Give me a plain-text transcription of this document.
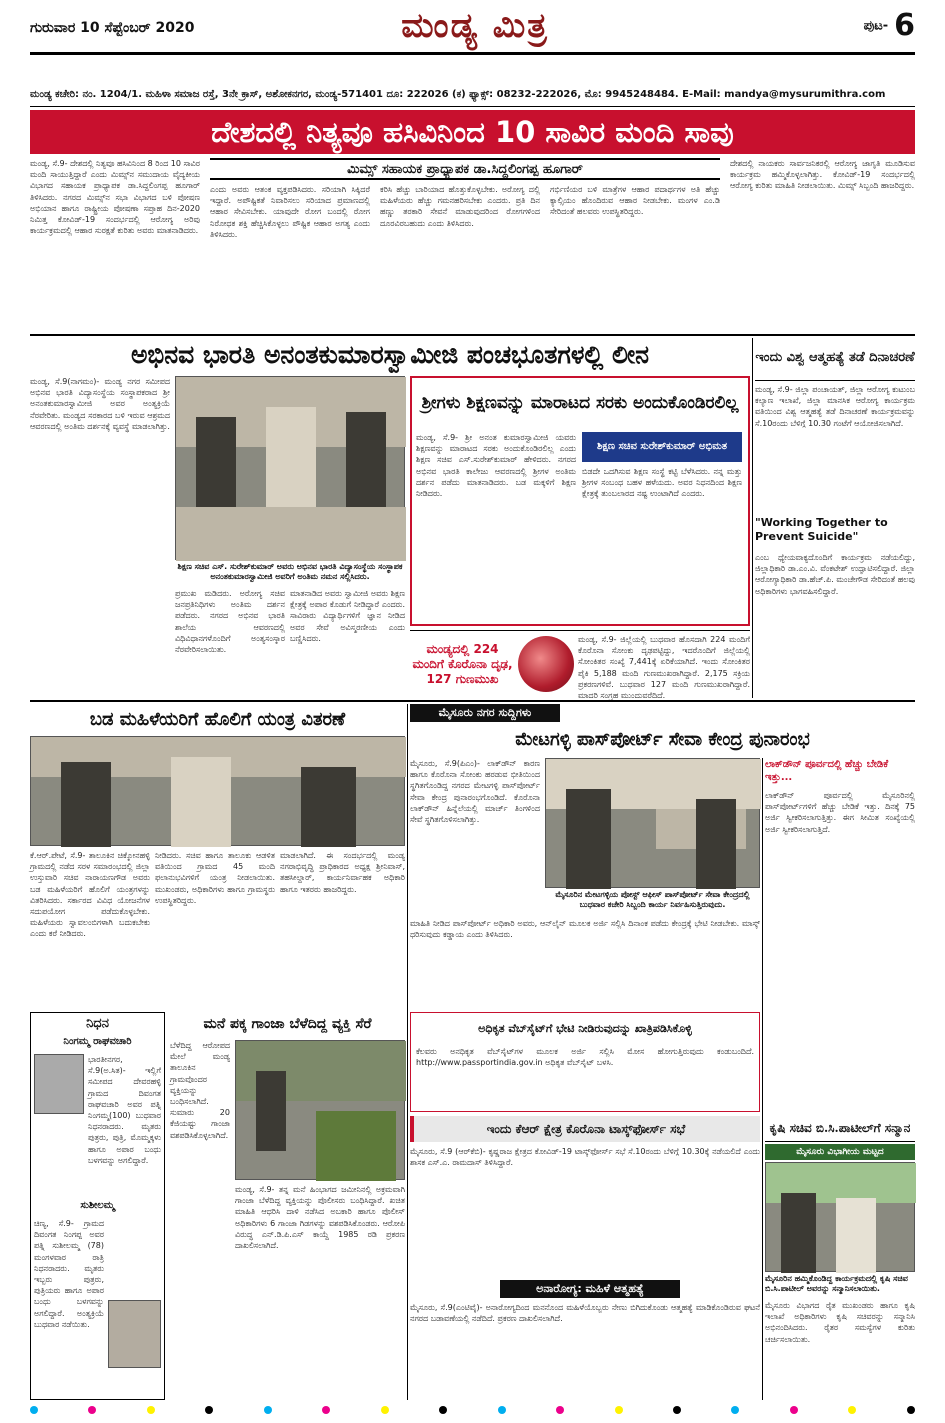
ಗುರುವಾರ 10 ಸೆಪ್ಟೆಂಬರ್ 2020	ಮಂಡ್ಯ ಮಿತ್ರ	ಪುಟ- 6
ಮಂಡ್ಯ ಕಚೇರಿ: ನಂ. 1204/1. ಮಹಿಳಾ ಸಮಾಜ ರಸ್ತೆ, 3ನೇ ಕ್ರಾಸ್, ಅಶೋಕನಗರ, ಮಂಡ್ಯ-571401 ದೂ: 222026 (ಕ) ಫ್ಯಾಕ್ಸ್: 08232-222026, ಮೊ: 9945248484. E-Mail: mandya@mysurumithra.com
ದೇಶದಲ್ಲಿ ನಿತ್ಯವೂ ಹಸಿವಿನಿಂದ 10 ಸಾವಿರ ಮಂದಿ ಸಾವು
ಮಂಡ್ಯ, ಸೆ.9- ದೇಶದಲ್ಲಿ ನಿತ್ಯವೂ ಹಸಿವಿನಿಂದ 8 ರಿಂದ 10 ಸಾವಿರ ಮಂದಿ ಸಾಯುತ್ತಿದ್ದಾರೆ ಎಂದು ಮಿಮ್ಸ್‌ನ ಸಮುದಾಯ ವೈದ್ಯಕೀಯ ವಿಭಾಗದ ಸಹಾಯಕ ಪ್ರಾಧ್ಯಾಪಕ ಡಾ.ಸಿದ್ದಲಿಂಗಪ್ಪ ಹೂಗಾರ್ ತಿಳಿಸಿದರು. ನಗರದ ಮಿಮ್ಸ್‌ನ ಸಭಾ ವಿಭಾಗದ ಬಳಿ ಪೋಷಣ ಅಭಿಯಾನ ಹಾಗೂ ರಾಷ್ಟ್ರೀಯ ಪೋಷಣಾ ಸಪ್ತಾಹ ದಿನ-2020 ನಿಮಿತ್ತ ಕೋವಿಡ್-19 ಸಂದರ್ಭದಲ್ಲಿ ಆರೋಗ್ಯ ಅರಿವು ಕಾರ್ಯಕ್ರಮದಲ್ಲಿ ಆಹಾರ ಸುರಕ್ಷತೆ ಕುರಿತು ಅವರು ಮಾತನಾಡಿದರು.
ಮಿಮ್ಸ್ ಸಹಾಯಕ ಪ್ರಾಧ್ಯಾಪಕ ಡಾ.ಸಿದ್ದಲಿಂಗಪ್ಪ ಹೂಗಾರ್
ಎಂದು ಅವರು ಆತಂಕ ವ್ಯಕ್ತಪಡಿಸಿದರು. ಸರಿಯಾಗಿ ಸಿಕ್ಕಿದರೆ ಇದ್ದಾರೆ. ಅಪೌಷ್ಟಿಕತೆ ನಿವಾರಿಸಲು ಸರಿಯಾದ ಪ್ರಮಾಣದಲ್ಲಿ ಆಹಾರ ಸೇವಿಸಬೇಕು. ಯಾವುದೇ ರೋಗ ಬಂದಲ್ಲಿ ರೋಗ ನಿರೋಧಕ ಶಕ್ತಿ ಹೆಚ್ಚಿಸಿಕೊಳ್ಳಲು ಪೌಷ್ಟಿಕ ಆಹಾರ ಅಗತ್ಯ ಎಂದು ತಿಳಿಸಿದರು.
ಕರಿಸಿ ಹೆಚ್ಚು ಬಾರಿಯಾದ ಹೊತ್ತುಕೊಳ್ಳಬೇಕು. ಅರೋಗ್ಯ ದಲ್ಲಿ ಮಹಿಳೆಯರು ಹೆಚ್ಚು ಗಮನಹರಿಸಬೇಕು ಎಂದರು. ಪ್ರತಿ ದಿನ ಹಣ್ಣು ತರಕಾರಿ ಸೇವನೆ ಮಾಡುವುದರಿಂದ ರೋಗಗಳಿಂದ ದೂರವಿರಬಹುದು ಎಂದು ತಿಳಿಸಿದರು.
ಗರ್ಭಿಣಿಯರ ಬಳಿ ಮಾತ್ರೆಗಳ ಆಹಾರ ಪದಾರ್ಥಗಳ ಅತಿ ಹೆಚ್ಚು ಕ್ಯಾಲ್ಸಿಯಂ ಹೊಂದಿರುವ ಆಹಾರ ನೀಡಬೇಕು. ಮಂಗಳ ಎಂ.ಡಿ ಸೇರಿದಂತೆ ಹಲವರು ಉಪಸ್ಥಿತರಿದ್ದರು.
ದೇಶದಲ್ಲಿ ನಾಯಕರು ಸಾರ್ವಜನಿಕರಲ್ಲಿ ಆರೋಗ್ಯ ಜಾಗೃತಿ ಮೂಡಿಸುವ ಕಾರ್ಯಕ್ರಮ ಹಮ್ಮಿಕೊಳ್ಳಲಾಗಿತ್ತು. ಕೋವಿಡ್-19 ಸಂದರ್ಭದಲ್ಲಿ ಆರೋಗ್ಯ ಕುರಿತು ಮಾಹಿತಿ ನೀಡಲಾಯಿತು. ಮಿಮ್ಸ್ ಸಿಬ್ಬಂದಿ ಹಾಜರಿದ್ದರು.
ಅಭಿನವ ಭಾರತಿ ಅನಂತಕುಮಾರಸ್ವಾಮೀಜಿ ಪಂಚಭೂತಗಳಲ್ಲಿ ಲೀನ	ಇಂದು ವಿಶ್ವ ಆತ್ಮಹತ್ಯೆ ತಡೆ ದಿನಾಚರಣೆ
ಮಂಡ್ಯ, ಸೆ.9- ಜಿಲ್ಲಾ ಪಂಚಾಯತ್, ಜಿಲ್ಲಾ ಆರೋಗ್ಯ ಕುಟುಂಬ ಕಲ್ಯಾಣ ಇಲಾಖೆ, ಜಿಲ್ಲಾ ಮಾನಸಿಕ ಆರೋಗ್ಯ ಕಾರ್ಯಕ್ರಮ ವತಿಯಿಂದ ವಿಶ್ವ ಆತ್ಮಹತ್ಯೆ ತಡೆ ದಿನಾಚರಣೆ ಕಾರ್ಯಕ್ರಮವನ್ನು ಸೆ.10ರಂದು ಬೆಳಿಗ್ಗೆ 10.30 ಗಂಟೆಗೆ ಆಯೋಜಿಸಲಾಗಿದೆ.
"Working Together to Prevent Suicide"
ಎಂಬ ಧ್ಯೇಯವಾಕ್ಯದೊಂದಿಗೆ ಕಾರ್ಯಕ್ರಮ ನಡೆಯಲಿದ್ದು, ಜಿಲ್ಲಾಧಿಕಾರಿ ಡಾ.ಎಂ.ವಿ. ವೆಂಕಟೇಶ್ ಉದ್ಘಾಟಿಸಲಿದ್ದಾರೆ. ಜಿಲ್ಲಾ ಆರೋಗ್ಯಾಧಿಕಾರಿ ಡಾ.ಹೆಚ್.ಪಿ. ಮಂಚೇಗೌಡ ಸೇರಿದಂತೆ ಹಲವು ಅಧಿಕಾರಿಗಳು ಭಾಗವಹಿಸಲಿದ್ದಾರೆ.
ಮಂಡ್ಯ, ಸೆ.9(ನಾಗಮಂ)- ಮಂಡ್ಯ ನಗರ ಸಮೀಪದ ಅಭಿನವ ಭಾರತಿ ವಿದ್ಯಾಸಂಸ್ಥೆಯ ಸಂಸ್ಥಾಪಕರಾದ ಶ್ರೀ ಅನಂತಕುಮಾರಸ್ವಾಮೀಜಿ ಅವರ ಅಂತ್ಯಕ್ರಿಯೆ ನೆರವೇರಿತು. ಮಂಡ್ಯದ ಸರಕಾರದ ಬಳಿ ಇರುವ ಆಶ್ರಮದ ಆವರಣದಲ್ಲಿ ಅಂತಿಮ ದರ್ಶನಕ್ಕೆ ವ್ಯವಸ್ಥೆ ಮಾಡಲಾಗಿತ್ತು.
ಶಿಕ್ಷಣ ಸಚಿವ ಎಸ್. ಸುರೇಶ್‌ಕುಮಾರ್ ಅವರು ಅಭಿನವ ಭಾರತಿ ವಿದ್ಯಾಸಂಸ್ಥೆಯ ಸಂಸ್ಥಾಪಕ ಅನಂತಕುಮಾರಸ್ವಾಮೀಜಿ ಅವರಿಗೆ ಅಂತಿಮ ನಮನ ಸಲ್ಲಿಸಿದರು.
ಪ್ರಮುಖ ಮಡಿದರು. ಅರೋಗ್ಯ ಸಚಿವ ಜನಪ್ರತಿನಿಧಿಗಳು ಅಂತಿಮ ದರ್ಶನ ಪಡೆದರು. ನಗರದ ಅಭಿನವ ಭಾರತಿ ಶಾಲೆಯ ಆವರಣದಲ್ಲಿ ವಿಧಿವಿಧಾನಗಳೊಂದಿಗೆ ಅಂತ್ಯಸಂಸ್ಕಾರ ನೆರವೇರಿಸಲಾಯಿತು.
ಮಾತನಾಡಿದ ಅವರು ಸ್ವಾಮೀಜಿ ಅವರು ಶಿಕ್ಷಣ ಕ್ಷೇತ್ರಕ್ಕೆ ಅಪಾರ ಕೊಡುಗೆ ನೀಡಿದ್ದಾರೆ ಎಂದರು. ಸಾವಿರಾರು ವಿದ್ಯಾರ್ಥಿಗಳಿಗೆ ಜ್ಞಾನ ನೀಡಿದ ಅವರ ಸೇವೆ ಅವಿಸ್ಮರಣೀಯ ಎಂದು ಬಣ್ಣಿಸಿದರು.
ಶ್ರೀಗಳು ಶಿಕ್ಷಣವನ್ನು ಮಾರಾಟದ ಸರಕು ಅಂದುಕೊಂಡಿರಲಿಲ್ಲ
ಮಂಡ್ಯ, ಸೆ.9- ಶ್ರೀ ಅನಂತ ಕುಮಾರಸ್ವಾಮೀಜಿ ಯವರು ಶಿಕ್ಷಣವನ್ನು ಮಾರಾಟದ ಸರಕು ಅಂದುಕೊಂಡಿರಲಿಲ್ಲ ಎಂದು ಶಿಕ್ಷಣ ಸಚಿವ ಎಸ್.ಸುರೇಶ್‌ಕುಮಾರ್ ಹೇಳಿದರು. ನಗರದ ಅಭಿನವ ಭಾರತಿ ಕಾಲೇಜು ಆವರಣದಲ್ಲಿ ಶ್ರೀಗಳ ಅಂತಿಮ ದರ್ಶನ ಪಡೆದು ಮಾತನಾಡಿದರು. ಬಡ ಮಕ್ಕಳಿಗೆ ಶಿಕ್ಷಣ ನೀಡಿದರು.
ಶಿಕ್ಷಣ ಸಚಿವ ಸುರೇಶ್‌ಕುಮಾರ್ ಅಭಿಮತ
ಬಿಡದೇ ಒದಗಿಸುವ ಶಿಕ್ಷಣ ಸಂಸ್ಥೆ ಕಟ್ಟಿ ಬೆಳೆಸಿದರು. ನನ್ನ ಮತ್ತು ಶ್ರೀಗಳ ಸಂಬಂಧ ಬಹಳ ಹಳೆಯದು. ಅವರ ನಿಧನದಿಂದ ಶಿಕ್ಷಣ ಕ್ಷೇತ್ರಕ್ಕೆ ತುಂಬಲಾರದ ನಷ್ಟ ಉಂಟಾಗಿದೆ ಎಂದರು.
ಮಂಡ್ಯದಲ್ಲಿ 224 ಮಂದಿಗೆ ಕೊರೊನಾ ದೃಢ, 127 ಗುಣಮುಖ
ಮಂಡ್ಯ, ಸೆ.9- ಜಿಲ್ಲೆಯಲ್ಲಿ ಬುಧವಾರ ಹೊಸದಾಗಿ 224 ಮಂದಿಗೆ ಕೊರೊನಾ ಸೋಂಕು ದೃಢಪಟ್ಟಿದ್ದು, ಇದರೊಂದಿಗೆ ಜಿಲ್ಲೆಯಲ್ಲಿ ಸೋಂಕಿತರ ಸಂಖ್ಯೆ 7,441ಕ್ಕೆ ಏರಿಕೆಯಾಗಿದೆ. ಇಂದು ಸೋಂಕಿತರ ಪೈಕಿ 5,188 ಮಂದಿ ಗುಣಮುಖರಾಗಿದ್ದಾರೆ. 2,175 ಸಕ್ರಿಯ ಪ್ರಕರಣಗಳಿವೆ. ಬುಧವಾರ 127 ಮಂದಿ ಗುಣಮುಖರಾಗಿದ್ದಾರೆ. ಮಾದರಿ ಸಂಗ್ರಹ ಮುಂದುವರೆದಿದೆ.
ಬಡ ಮಹಿಳೆಯರಿಗೆ ಹೊಲಿಗೆ ಯಂತ್ರ ವಿತರಣೆ
ಕೆ.ಆರ್.ಪೇಟೆ, ಸೆ.9- ತಾಲೂಕಿನ ಚಿಕ್ಕೋನಹಳ್ಳಿ ಗ್ರಾಮದಲ್ಲಿ ನಡೆದ ಸರಳ ಸಮಾರಂಭದಲ್ಲಿ ಜಿಲ್ಲಾ ಉಸ್ತುವಾರಿ ಸಚಿವ ನಾರಾಯಣಗೌಡ ಅವರು ಬಡ ಮಹಿಳೆಯರಿಗೆ ಹೊಲಿಗೆ ಯಂತ್ರಗಳನ್ನು ವಿತರಿಸಿದರು. ಸರ್ಕಾರದ ವಿವಿಧ ಯೋಜನೆಗಳ ಸದುಪಯೋಗ ಪಡೆದುಕೊಳ್ಳಬೇಕು. ಮಹಿಳೆಯರು ಸ್ವಾವಲಂಬಿಗಳಾಗಿ ಬದುಕಬೇಕು ಎಂದು ಕರೆ ನೀಡಿದರು.
ನೀಡಿದರು. ಸಚಿವ ಹಾಗೂ ತಾಲೂಕು ಆಡಳಿತ ವತಿಯಿಂದ ಗ್ರಾಮದ 45 ಮಂದಿ ಫಲಾನುಭವಿಗಳಿಗೆ ಯಂತ್ರ ನೀಡಲಾಯಿತು. ಮುಖಂಡರು, ಅಧಿಕಾರಿಗಳು ಹಾಗೂ ಗ್ರಾಮಸ್ಥರು ಉಪಸ್ಥಿತರಿದ್ದರು.
ಮಾಡಲಾಗಿದೆ. ಈ ಸಂದರ್ಭದಲ್ಲಿ ಮಂಡ್ಯ ನಗರಾಭಿವೃದ್ಧಿ ಪ್ರಾಧಿಕಾರದ ಅಧ್ಯಕ್ಷ ಶ್ರೀನಿವಾಸ್, ತಹಸೀಲ್ದಾರ್, ಕಾರ್ಯನಿರ್ವಾಹಕ ಅಧಿಕಾರಿ ಹಾಗೂ ಇತರರು ಹಾಜರಿದ್ದರು.
ಮೈಸೂರು ನಗರ ಸುದ್ದಿಗಳು
ಮೇಟಗಳ್ಳಿ ಪಾಸ್‌ಪೋರ್ಟ್ ಸೇವಾ ಕೇಂದ್ರ ಪುನಾರಂಭ
ಮೈಸೂರು, ಸೆ.9(ಪಿಎಂ)- ಲಾಕ್‌ಡೌನ್ ಕಾರಣ ಹಾಗೂ ಕೊರೊನಾ ಸೋಂಕು ಹರಡುವ ಭೀತಿಯಿಂದ ಸ್ಥಗಿತಗೊಂಡಿದ್ದ ನಗರದ ಮೇಟಗಳ್ಳಿ ಪಾಸ್‌ಪೋರ್ಟ್ ಸೇವಾ ಕೇಂದ್ರ ಪುನಾರಂಭಗೊಂಡಿದೆ. ಕೊರೊನಾ ಲಾಕ್‌ಡೌನ್ ಹಿನ್ನೆಲೆಯಲ್ಲಿ ಮಾರ್ಚ್ ತಿಂಗಳಿಂದ ಸೇವೆ ಸ್ಥಗಿತಗೊಳಿಸಲಾಗಿತ್ತು.
ಮೈಸೂರಿನ ಮೇಟಗಳ್ಳಿಯ ಪೋಸ್ಟ್ ಆಫೀಸ್ ಪಾಸ್‌ಪೋರ್ಟ್ ಸೇವಾ ಕೇಂದ್ರದಲ್ಲಿ ಬುಧವಾರ ಕಚೇರಿ ಸಿಬ್ಬಂದಿ ಕಾರ್ಯ ನಿರ್ವಹಿಸುತ್ತಿರುವುದು.
ಮಾಹಿತಿ ನೀಡಿದ ಪಾಸ್‌ಪೋರ್ಟ್ ಅಧಿಕಾರಿ ಅವರು, ಆನ್‌ಲೈನ್ ಮೂಲಕ ಅರ್ಜಿ ಸಲ್ಲಿಸಿ ದಿನಾಂಕ ಪಡೆದು ಕೇಂದ್ರಕ್ಕೆ ಭೇಟಿ ನೀಡಬೇಕು. ಮಾಸ್ಕ್ ಧರಿಸುವುದು ಕಡ್ಡಾಯ ಎಂದು ತಿಳಿಸಿದರು.
ಲಾಕ್‌ಡೌನ್ ಪೂರ್ವದಲ್ಲಿ ಹೆಚ್ಚು ಬೇಡಿಕೆ ಇತ್ತು...
ಲಾಕ್‌ಡೌನ್ ಪೂರ್ವದಲ್ಲಿ ಮೈಸೂರಿನಲ್ಲಿ ಪಾಸ್‌ಪೋರ್ಟ್‌ಗಳಿಗೆ ಹೆಚ್ಚು ಬೇಡಿಕೆ ಇತ್ತು. ದಿನಕ್ಕೆ 75 ಅರ್ಜಿ ಸ್ವೀಕರಿಸಲಾಗುತ್ತಿತ್ತು. ಈಗ ಸೀಮಿತ ಸಂಖ್ಯೆಯಲ್ಲಿ ಅರ್ಜಿ ಸ್ವೀಕರಿಸಲಾಗುತ್ತಿದೆ.
ನಿಧನ
ನಿಂಗಮ್ಮ ರಾಘವಚಾರಿ
ಭಾರತೀನಗರ, ಸೆ.9(ಅ.ಸಿತ)- ಇಲ್ಲಿಗೆ ಸಮೀಪದ ದೇವರಹಳ್ಳಿ ಗ್ರಾಮದ ದಿವಂಗತ ರಾಘವಚಾರಿ ಅವರ ಪತ್ನಿ ನಿಂಗಮ್ಮ(100) ಬುಧವಾರ ನಿಧನರಾದರು. ಮೃತರು ಪುತ್ರರು, ಪುತ್ರಿ, ಮೊಮ್ಮಕ್ಕಳು ಹಾಗೂ ಅಪಾರ ಬಂಧು ಬಳಗವನ್ನು ಅಗಲಿದ್ದಾರೆ.
ಸುಶೀಲಮ್ಮ
ಚಿಣ್ಯ, ಸೆ.9- ಗ್ರಾಮದ ದಿವಂಗತ ನಿಂಗಪ್ಪ ಅವರ ಪತ್ನಿ ಸುಶೀಲಮ್ಮ (78) ಮಂಗಳವಾರ ರಾತ್ರಿ ನಿಧನರಾದರು. ಮೃತರು ಇಬ್ಬರು ಪುತ್ರರು, ಪುತ್ರಿಯರು ಹಾಗೂ ಅಪಾರ ಬಂಧು ಬಳಗವನ್ನು ಅಗಲಿದ್ದಾರೆ. ಅಂತ್ಯಕ್ರಿಯೆ ಬುಧವಾರ ನಡೆಯಿತು.
ಮನೆ ಪಕ್ಕ ಗಾಂಜಾ ಬೆಳೆದಿದ್ದ ವ್ಯಕ್ತಿ ಸೆರೆ
ಬೆಳೆದಿದ್ದ ಆರೋಪದ ಮೇಲೆ ಮಂಡ್ಯ ತಾಲೂಕಿನ ಗ್ರಾಮವೊಂದರ ವ್ಯಕ್ತಿಯನ್ನು ಬಂಧಿಸಲಾಗಿದೆ. ಸುಮಾರು 20 ಕೆಜಿಯಷ್ಟು ಗಾಂಜಾ ವಶಪಡಿಸಿಕೊಳ್ಳಲಾಗಿದೆ.
ಮಂಡ್ಯ, ಸೆ.9- ತನ್ನ ಮನೆ ಹಿಂಭಾಗದ ಜಮೀನಿನಲ್ಲಿ ಅಕ್ರಮವಾಗಿ ಗಾಂಜಾ ಬೆಳೆದಿದ್ದ ವ್ಯಕ್ತಿಯನ್ನು ಪೊಲೀಸರು ಬಂಧಿಸಿದ್ದಾರೆ. ಖಚಿತ ಮಾಹಿತಿ ಆಧರಿಸಿ ದಾಳಿ ನಡೆಸಿದ ಅಬಕಾರಿ ಹಾಗೂ ಪೊಲೀಸ್ ಅಧಿಕಾರಿಗಳು 6 ಗಾಂಜಾ ಗಿಡಗಳನ್ನು ವಶಪಡಿಸಿಕೊಂಡರು. ಆರೋಪಿ ವಿರುದ್ಧ ಎನ್.ಡಿ.ಪಿ.ಎಸ್ ಕಾಯ್ದೆ 1985 ರಡಿ ಪ್ರಕರಣ ದಾಖಲಿಸಲಾಗಿದೆ.
ಅಧಿಕೃತ ವೆಬ್‌ಸೈಟ್‌ಗೆ ಭೇಟಿ ನೀಡಿರುವುದನ್ನು ಖಾತ್ರಿಪಡಿಸಿಕೊಳ್ಳಿ
ಕೆಲವರು ಅನಧಿಕೃತ ವೆಬ್‌ಸೈಟ್‌ಗಳ ಮೂಲಕ ಅರ್ಜಿ ಸಲ್ಲಿಸಿ ಮೋಸ ಹೋಗುತ್ತಿರುವುದು ಕಂಡುಬಂದಿದೆ. http://www.passportindia.gov.in ಅಧಿಕೃತ ವೆಬ್‌ಸೈಟ್ ಬಳಸಿ.
ಇಂದು ಕೆಆರ್ ಕ್ಷೇತ್ರ ಕೊರೊನಾ ಟಾಸ್ಕ್‌ಫೋರ್ಸ್ ಸಭೆ
ಮೈಸೂರು, ಸೆ.9 (ಆರ್‌ಕೆಬಿ)- ಕೃಷ್ಣರಾಜ ಕ್ಷೇತ್ರದ ಕೋವಿಡ್-19 ಟಾಸ್ಕ್‌ಫೋರ್ಸ್ ಸಭೆ ಸೆ.10ರಂದು ಬೆಳಿಗ್ಗೆ 10.30ಕ್ಕೆ ನಡೆಯಲಿದೆ ಎಂದು ಶಾಸಕ ಎಸ್.ಎ. ರಾಮದಾಸ್ ತಿಳಿಸಿದ್ದಾರೆ.
ಅನಾರೋಗ್ಯ: ಮಹಿಳೆ ಆತ್ಮಹತ್ಯೆ
ಮೈಸೂರು, ಸೆ.9(ಎಂಟಿವೈ)- ಅನಾರೋಗ್ಯದಿಂದ ಮನನೊಂದ ಮಹಿಳೆಯೊಬ್ಬರು ನೇಣು ಬಿಗಿದುಕೊಂಡು ಆತ್ಮಹತ್ಯೆ ಮಾಡಿಕೊಂಡಿರುವ ಘಟನೆ ನಗರದ ಬಡಾವಣೆಯಲ್ಲಿ ನಡೆದಿದೆ. ಪ್ರಕರಣ ದಾಖಲಿಸಲಾಗಿದೆ.
ಕೃಷಿ ಸಚಿವ ಬಿ.ಸಿ.ಪಾಟೀಲ್‌ಗೆ ಸನ್ಮಾನ
ಮೈಸೂರು ವಿಭಾಗೀಯ ಮಟ್ಟದ
ಮೈಸೂರಿನ ಹಮ್ಮಿಕೊಂಡಿದ್ದ ಕಾರ್ಯಕ್ರಮದಲ್ಲಿ ಕೃಷಿ ಸಚಿವ ಬಿ.ಸಿ.ಪಾಟೀಲ್ ಅವರನ್ನು ಸನ್ಮಾನಿಸಲಾಯಿತು.
ಮೈಸೂರು ವಿಭಾಗದ ರೈತ ಮುಖಂಡರು ಹಾಗೂ ಕೃಷಿ ಇಲಾಖೆ ಅಧಿಕಾರಿಗಳು ಕೃಷಿ ಸಚಿವರನ್ನು ಸನ್ಮಾನಿಸಿ ಅಭಿನಂದಿಸಿದರು. ರೈತರ ಸಮಸ್ಯೆಗಳ ಕುರಿತು ಚರ್ಚಿಸಲಾಯಿತು.
